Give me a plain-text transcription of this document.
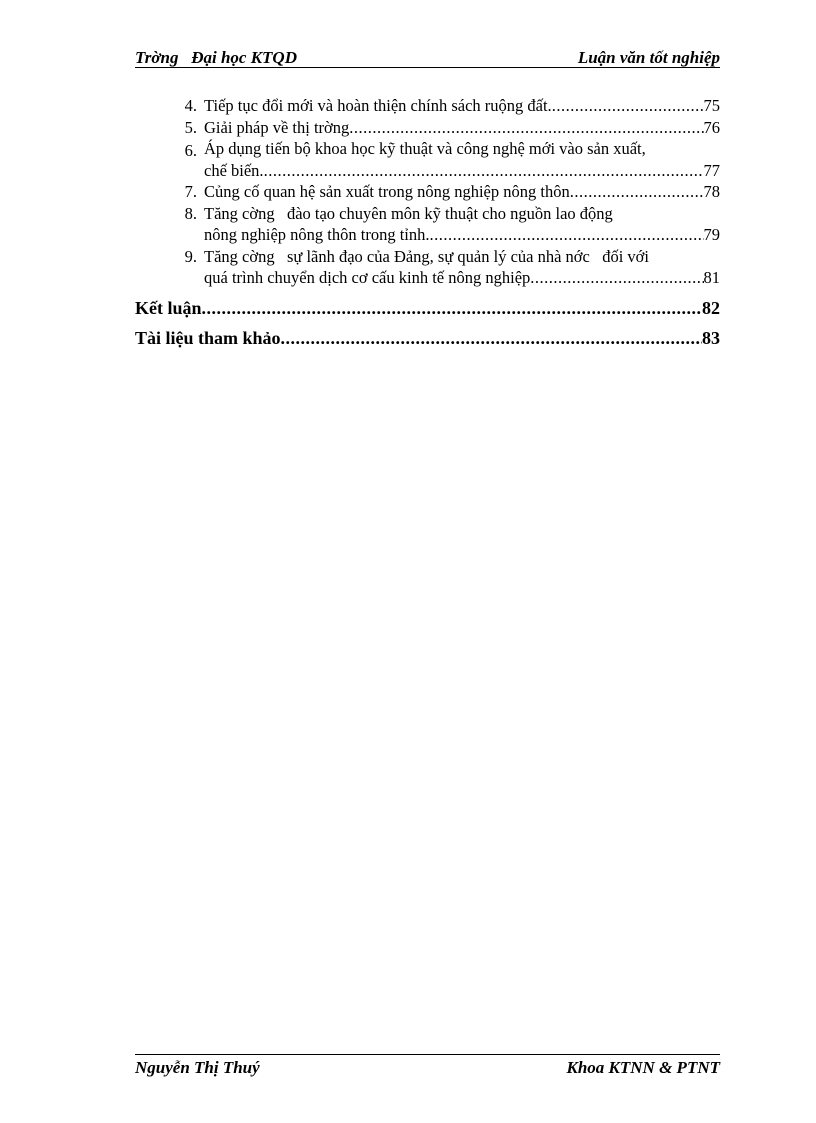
Trờng   Đại học KTQD	Luận văn tốt nghiệp
4. Tiếp tục đổi mới và hoàn thiện chính sách ruộng đất. .....	75
5. Giải pháp về thị trờng .....	76
6. Áp dụng tiến bộ khoa học kỹ thuật và công nghệ mới vào sản xuất,
chế biến. .....	77
7. Củng cố quan hệ sản xuất trong nông nghiệp nông thôn .....	78
8. Tăng cờng   đào tạo chuyên môn kỹ thuật cho nguồn lao động
nông nghiệp nông thôn trong tỉnh. .....	79
9. Tăng cờng   sự lãnh đạo của Đảng, sự quản lý của nhà nớc   đối với
quá trình chuyển dịch cơ cấu kinh tế nông nghiệp .....	81
Kết luận .....	82
Tài liệu tham khảo .....	83
Nguyễn Thị Thuý	Khoa KTNN & PTNT
